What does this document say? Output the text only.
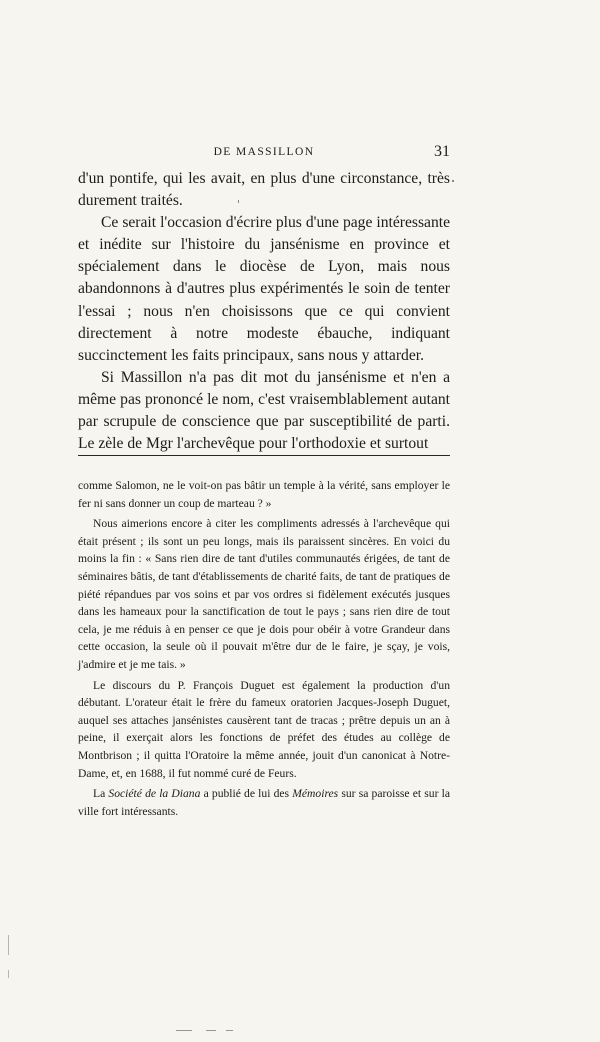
DE MASSILLON	31

d'un pontife, qui les avait, en plus d'une circonstance, très durement traités.

Ce serait l'occasion d'écrire plus d'une page intéressante et inédite sur l'histoire du jansénisme en province et spécialement dans le diocèse de Lyon, mais nous abandonnons à d'autres plus expérimentés le soin de tenter l'essai ; nous n'en choisissons que ce qui convient directement à notre modeste ébauche, indiquant succinctement les faits principaux, sans nous y attarder.

Si Massillon n'a pas dit mot du jansénisme et n'en a même pas prononcé le nom, c'est vraisemblablement autant par scrupule de conscience que par susceptibilité de parti. Le zèle de Mgr l'archevêque pour l'orthodoxie et surtout

comme Salomon, ne le voit-on pas bâtir un temple à la vérité, sans employer le fer ni sans donner un coup de marteau ? »

Nous aimerions encore à citer les compliments adressés à l'archevêque qui était présent ; ils sont un peu longs, mais ils paraissent sincères. En voici du moins la fin : « Sans rien dire de tant d'utiles communautés érigées, de tant de séminaires bâtis, de tant d'établissements de charité faits, de tant de pratiques de piété répandues par vos soins et par vos ordres si fidèlement exécutés jusques dans les hameaux pour la sanctification de tout le pays ; sans rien dire de tout cela, je me réduis à en penser ce que je dois pour obéir à votre Grandeur dans cette occasion, la seule où il pouvait m'être dur de le faire, je sçay, je vois, j'admire et je me tais. »

Le discours du P. François Duguet est également la production d'un débutant. L'orateur était le frère du fameux oratorien Jacques-Joseph Duguet, auquel ses attaches jansénistes causèrent tant de tracas ; prêtre depuis un an à peine, il exerçait alors les fonctions de préfet des études au collège de Montbrison ; il quitta l'Oratoire la même année, jouit d'un canonicat à Notre-Dame, et, en 1688, il fut nommé curé de Feurs.

La Société de la Diana a publié de lui des Mémoires sur sa paroisse et sur la ville fort intéressants.
